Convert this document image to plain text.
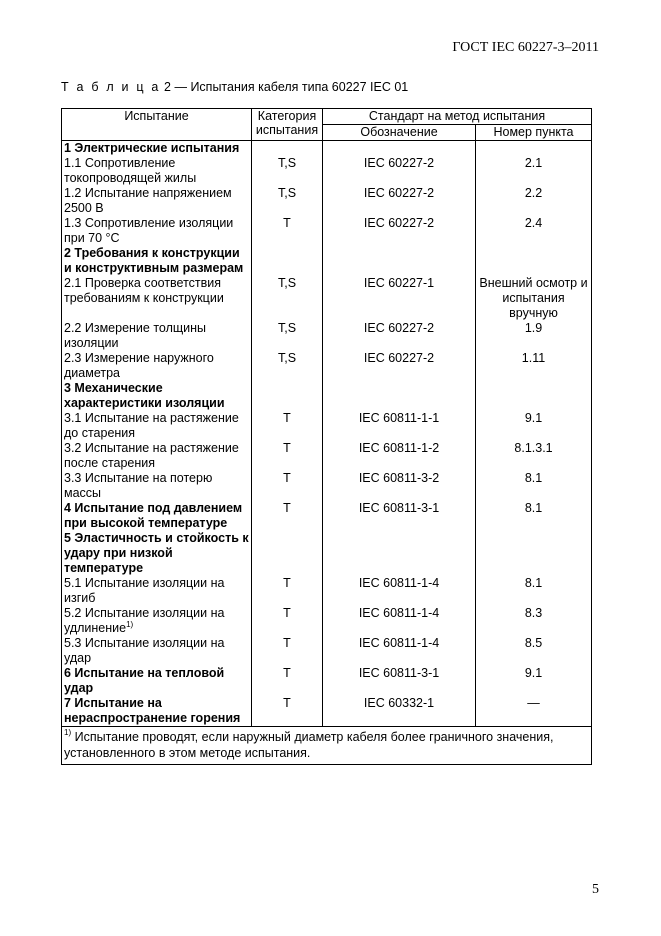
ГОСТ IEC 60227-3–2011
Т а б л и ц а 2 — Испытания кабеля типа 60227 IEC 01
Испытание	Категория испытания	Стандарт на метод испытания	
		Обозначение	Номер пункта
1 Электрические испытания			
1.1 Сопротивление токопроводящей жилы	T,S	IEC 60227-2	2.1
1.2 Испытание напряжением 2500 В	T,S	IEC 60227-2	2.2
1.3 Сопротивление изоляции при 70 °C	T	IEC 60227-2	2.4
2 Требования к конструкции и конструктивным размерам			
2.1 Проверка соответствия требованиям к конструкции	T,S	IEC 60227-1	Внешний осмотр и испытания вручную
2.2 Измерение толщины изоляции	T,S	IEC 60227-2	1.9
2.3 Измерение наружного диаметра	T,S	IEC 60227-2	1.11
3 Механические характеристики изоляции			
3.1 Испытание на растяжение до старения	T	IEC 60811-1-1	9.1
3.2 Испытание на растяжение после старения	T	IEC 60811-1-2	8.1.3.1
3.3 Испытание на потерю массы	T	IEC 60811-3-2	8.1
4 Испытание под давлением при высокой температуре	T	IEC 60811-3-1	8.1
5 Эластичность и стойкость к удару при низкой температуре			
5.1 Испытание изоляции на изгиб	T	IEC 60811-1-4	8.1
5.2 Испытание изоляции на удлинение$^{1)}$	T	IEC 60811-1-4	8.3
5.3 Испытание изоляции на удар	T	IEC 60811-1-4	8.5
6 Испытание на тепловой удар	T	IEC 60811-3-1	9.1
7 Испытание на нераспространение горения	T	IEC 60332-1	—
$^{1)}$ Испытание проводят, если наружный диаметр кабеля более граничного значения, установленного в этом методе испытания.			
5
